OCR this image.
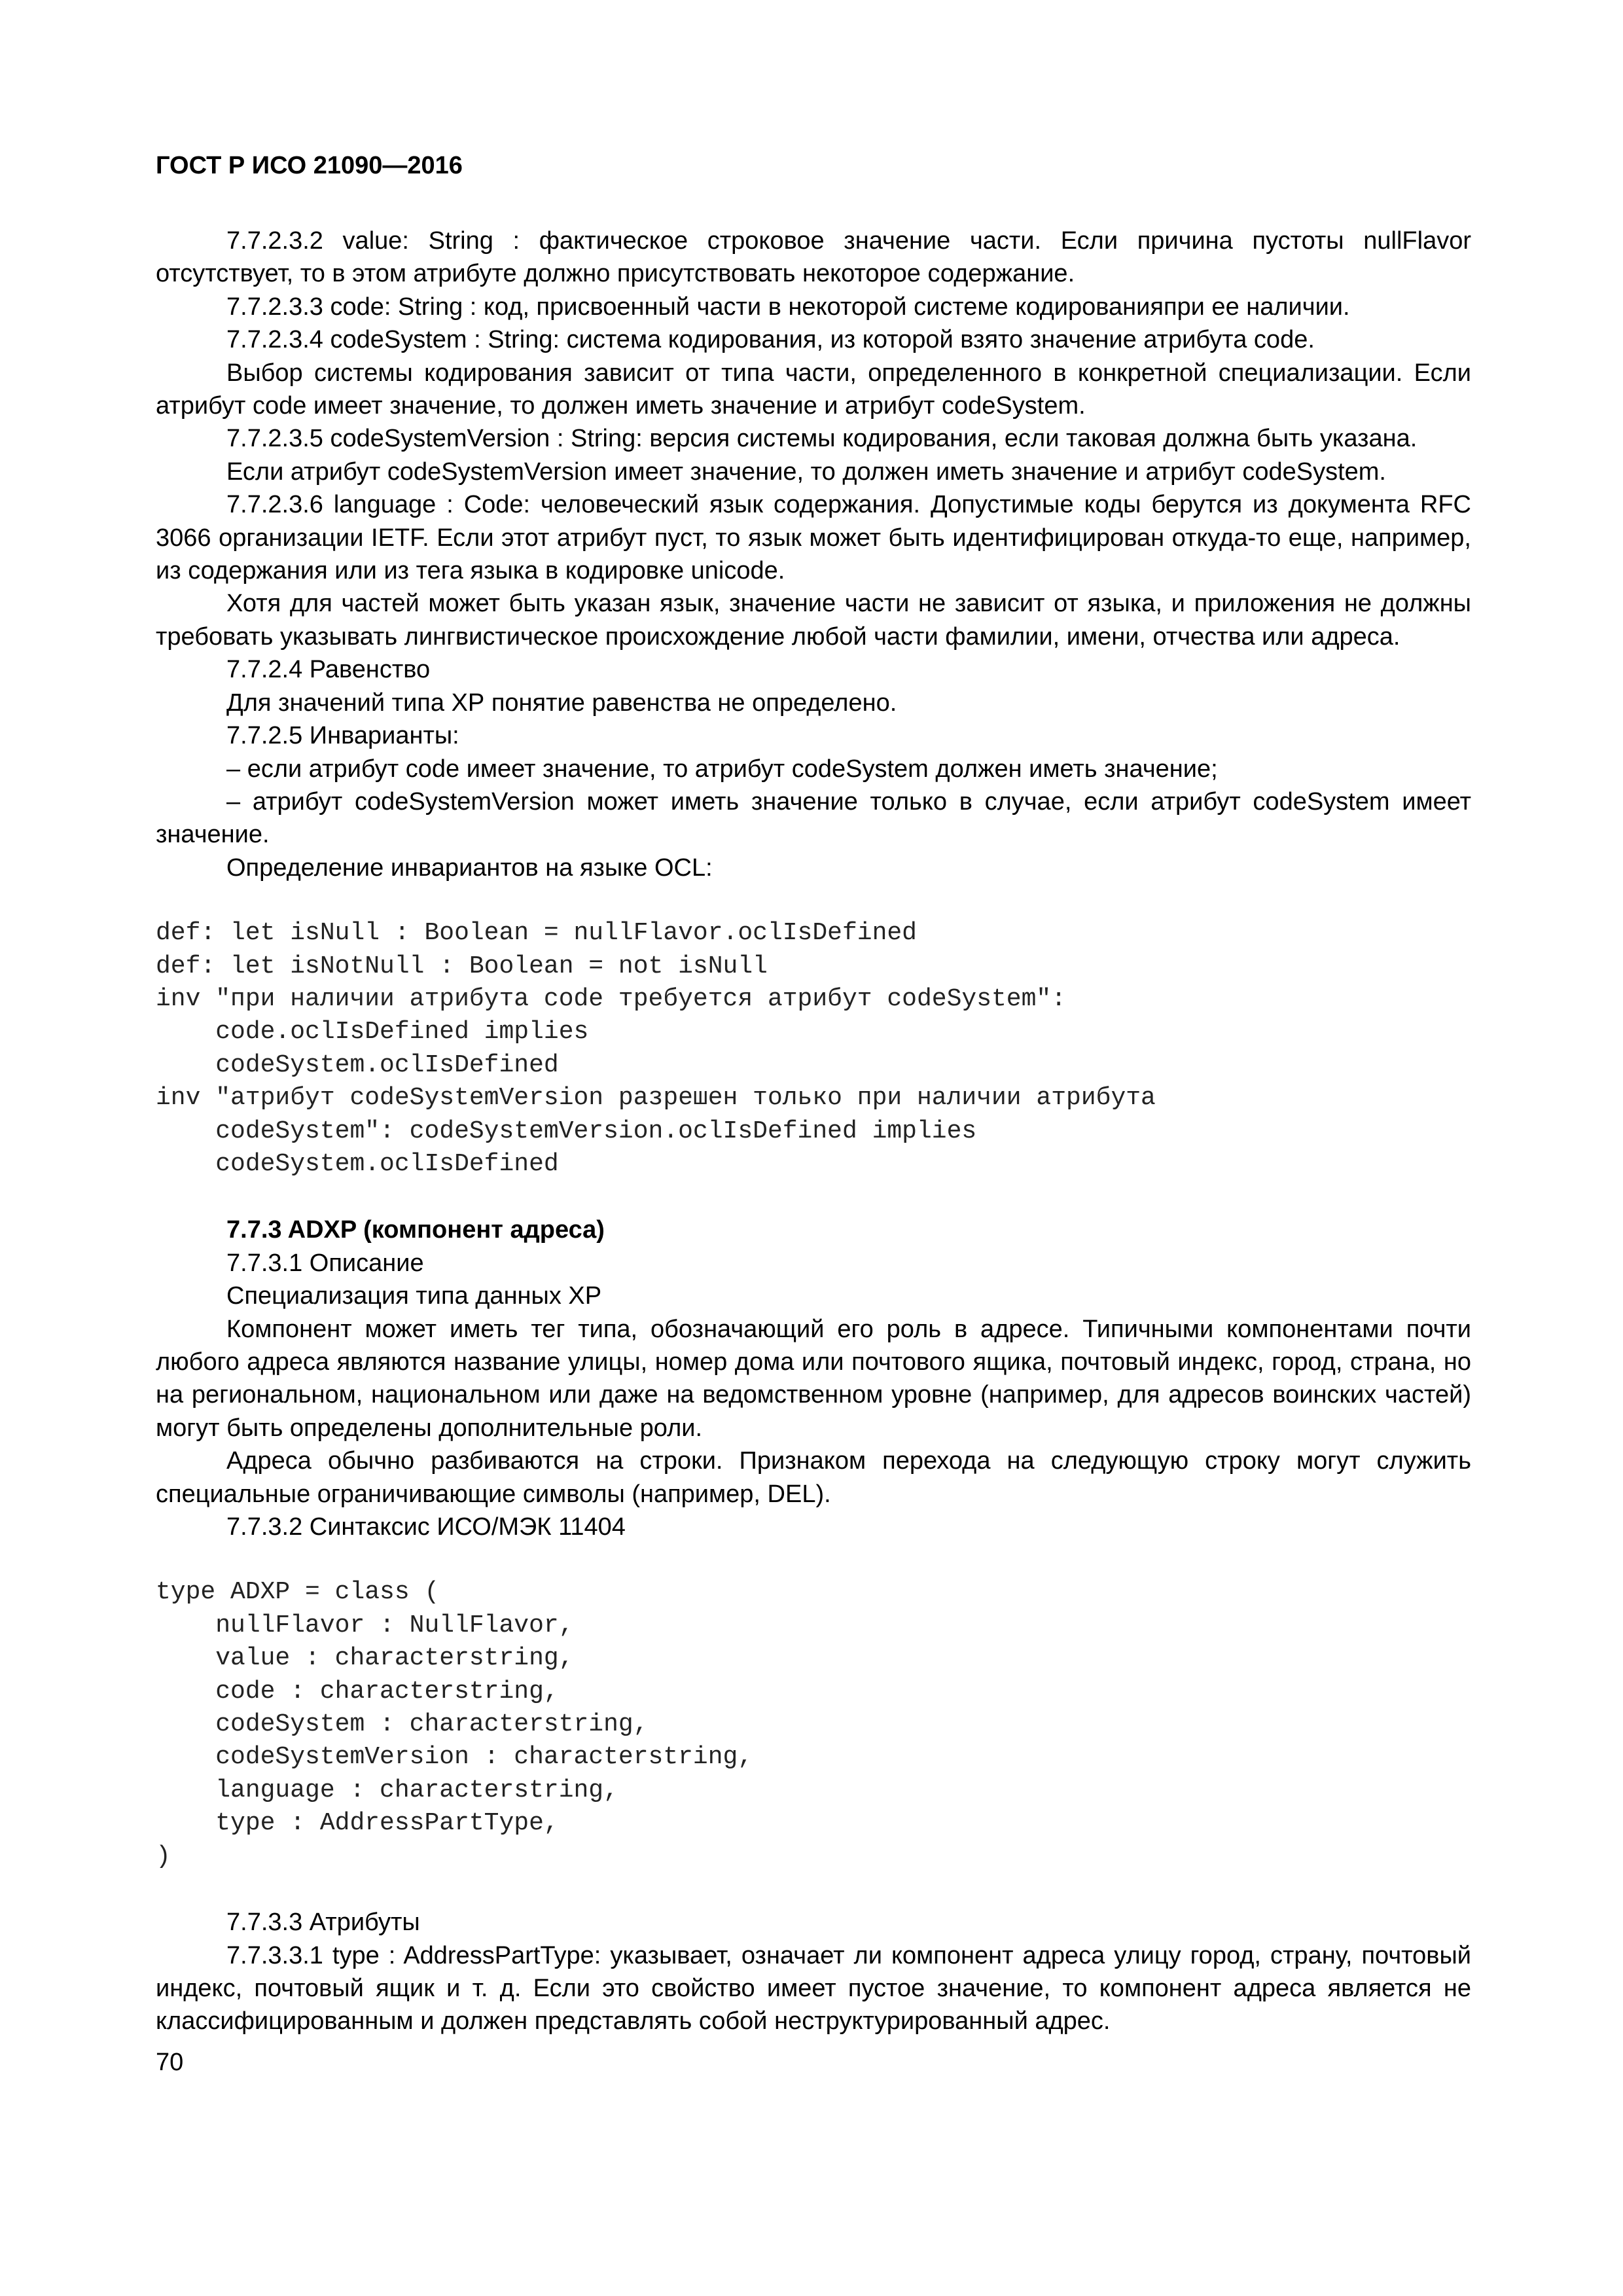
ГОСТ Р ИСО 21090—2016

7.7.2.3.2 value: String : фактическое строковое значение части. Если причина пустоты nullFlavor отсутствует, то в этом атрибуте должно присутствовать некоторое содержание.

7.7.2.3.3 code: String : код, присвоенный части в некоторой системе кодированияпри ее наличии.

7.7.2.3.4 codeSystem : String: система кодирования, из которой взято значение атрибута code.

Выбор системы кодирования зависит от типа части, определенного в конкретной специализации. Если атрибут code имеет значение, то должен иметь значение и атрибут codeSystem.

7.7.2.3.5 codeSystemVersion : String: версия системы кодирования, если таковая должна быть указана.

Если атрибут codeSystemVersion имеет значение, то должен иметь значение и атрибут codeSystem.

7.7.2.3.6 language : Code: человеческий язык содержания. Допустимые коды берутся из документа RFC 3066 организации IETF. Если этот атрибут пуст, то язык может быть идентифицирован откуда-то еще, например, из содержания или из тега языка в кодировке unicode.

Хотя для частей может быть указан язык, значение части не зависит от языка, и приложения не должны требовать указывать лингвистическое происхождение любой части фамилии, имени, отчества или адреса.

7.7.2.4 Равенство

Для значений типа ХР понятие равенства не определено.

7.7.2.5 Инварианты:

– если атрибут code имеет значение, то атрибут codeSystem должен иметь значение;

– атрибут codeSystemVersion может иметь значение только в случае, если атрибут codeSystem имеет значение.

Определение инвариантов на языке OCL:

def: let isNull : Boolean = nullFlavor.oclIsDefined
def: let isNotNull : Boolean = not isNull
inv "при наличии атрибута code требуется атрибут codeSystem":
code.oclIsDefined implies
codeSystem.oclIsDefined
inv "атрибут codeSystemVersion разрешен только при наличии атрибута
codeSystem": codeSystemVersion.oclIsDefined implies
codeSystem.oclIsDefined

7.7.3 ADXP (компонент адреса)

7.7.3.1 Описание

Специализация типа данных ХР

Компонент может иметь тег типа, обозначающий его роль в адресе. Типичными компонентами почти любого адреса являются название улицы, номер дома или почтового ящика, почтовый индекс, город, страна, но на региональном, национальном или даже на ведомственном уровне (например, для адресов воинских частей) могут быть определены дополнительные роли.

Адреса обычно разбиваются на строки. Признаком перехода на следующую строку могут служить специальные ограничивающие символы (например, DEL).

7.7.3.2 Синтаксис ИСО/МЭК 11404

type ADXP = class (
nullFlavor : NullFlavor,
value : characterstring,
code : characterstring,
codeSystem : characterstring,
codeSystemVersion : characterstring,
language : characterstring,
type : AddressPartType,
)

7.7.3.3 Атрибуты

7.7.3.3.1 type : AddressPartType: указывает, означает ли компонент адреса улицу город, страну, почтовый индекс, почтовый ящик и т. д. Если это свойство имеет пустое значение, то компонент адреса является не классифицированным и должен представлять собой неструктурированный адрес.

70
